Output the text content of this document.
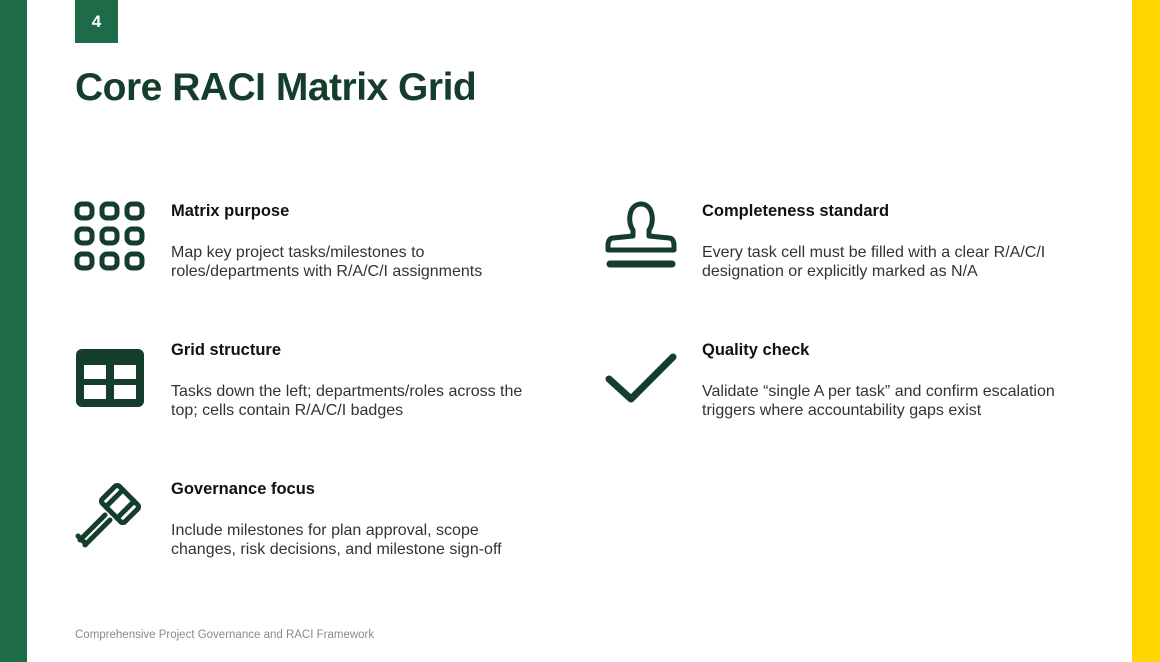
4
Core RACI Matrix Grid
Matrix purpose

Map key project tasks/milestones to roles/departments with R/A/C/I assignments

Completeness standard

Every task cell must be filled with a clear R/A/C/I designation or explicitly marked as N/A

Grid structure

Tasks down the left; departments/roles across the top; cells contain R/A/C/I badges

Quality check

Validate “single A per task” and confirm escalation triggers where accountability gaps exist

Governance focus

Include milestones for plan approval, scope changes, risk decisions, and milestone sign-off

Comprehensive Project Governance and RACI Framework
